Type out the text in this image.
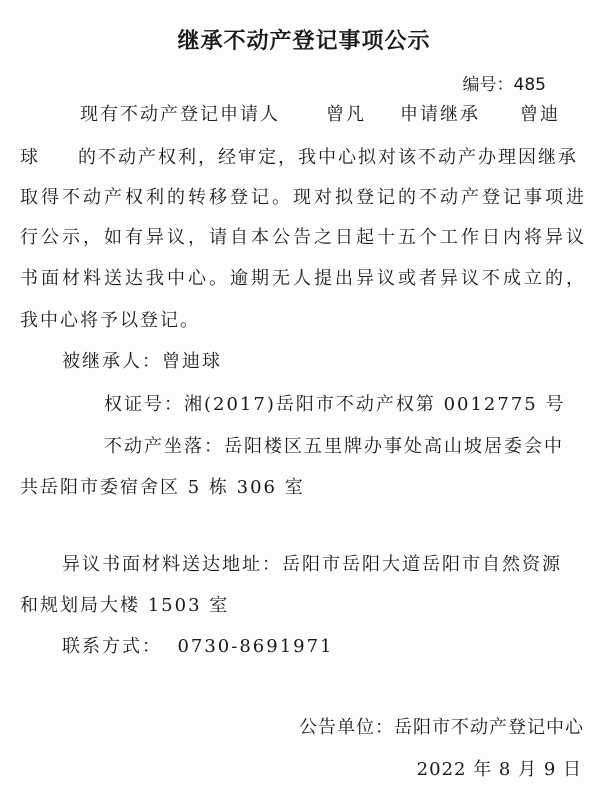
继承不动产登记事项公示
编号：485
现有不动产登记申请人	曾凡 申请继承 曾迪
球 的不动产权利，经审定，我中心拟对该不动产办理因继承
取得不动产权利的转移登记。现对拟登记的不动产登记事项进
行公示，如有异议，请自本公告之日起十五个工作日内将异议
书面材料送达我中心。逾期无人提出异议或者异议不成立的，
我中心将予以登记。
被继承人：曾迪球
权证号：湘(2017)岳阳市不动产权第 0012775 号
不动产坐落：岳阳楼区五里牌办事处高山坡居委会中
共岳阳市委宿舍区 5 栋 306 室
异议书面材料送达地址：岳阳市岳阳大道岳阳市自然资源
和规划局大楼 1503 室
联系方式：  0730-8691971
公告单位：岳阳市不动产登记中心
2022 年 8 月 9 日
